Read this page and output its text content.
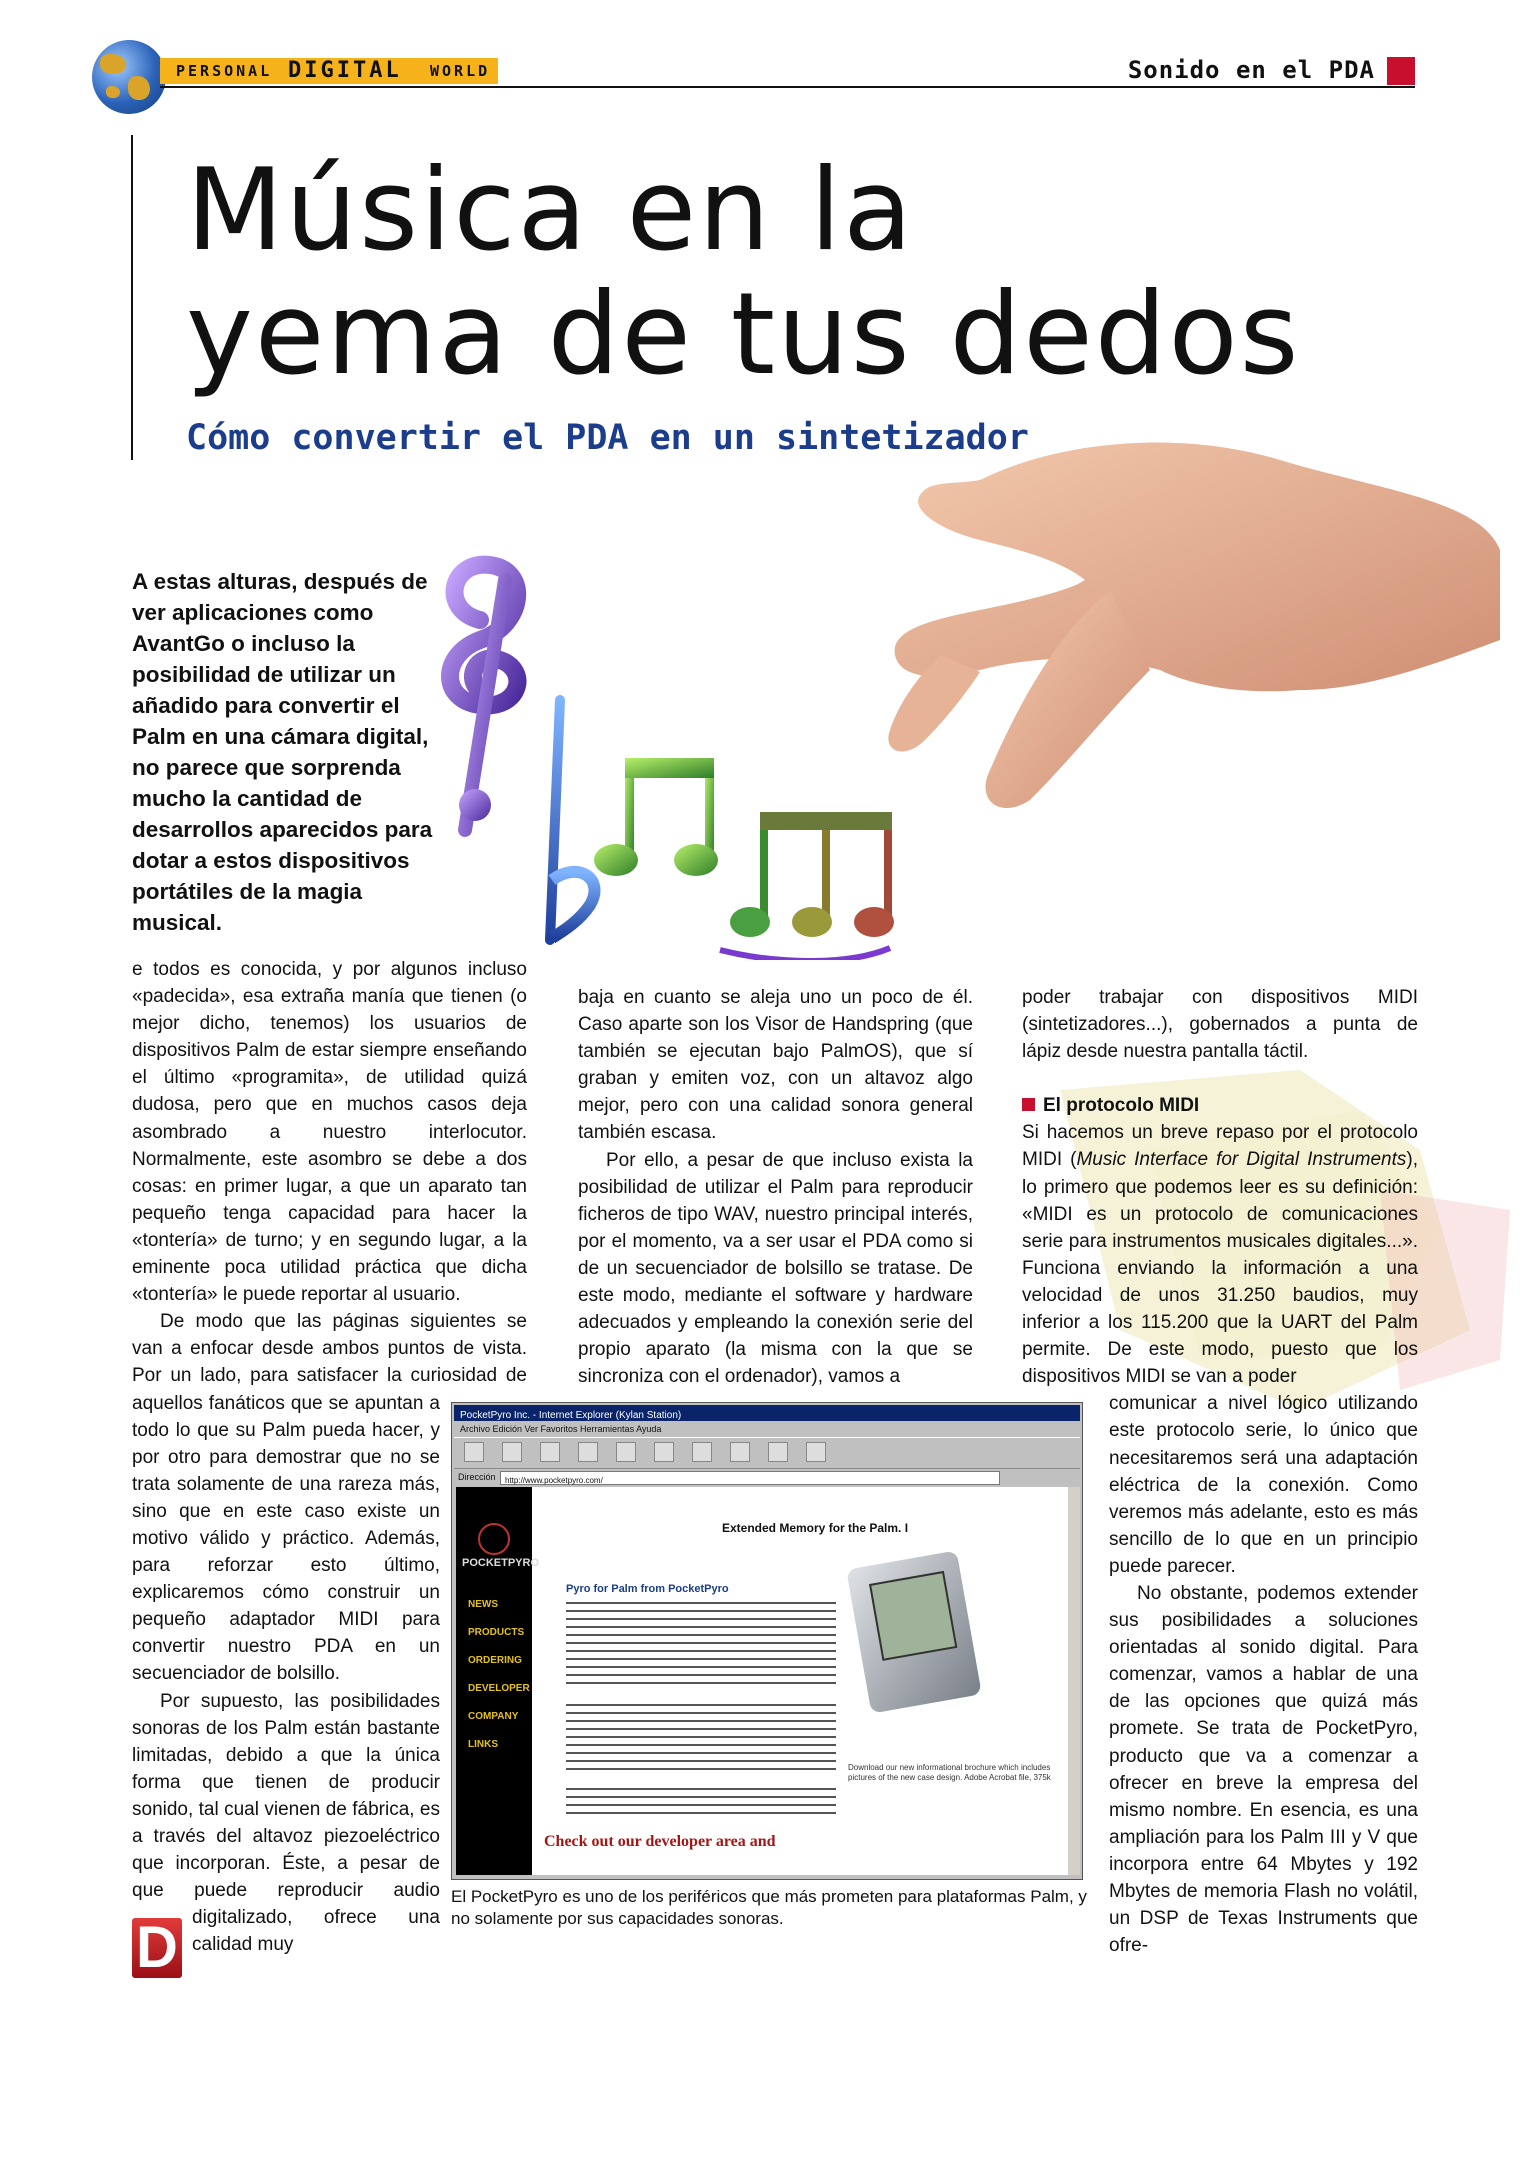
PERSONAL DIGITAL WORLD	Sonido en el PDA
Música en la
yema de tus dedos
Cómo convertir el PDA en un sintetizador
A estas alturas, después de ver aplicaciones como AvantGo o incluso la posibilidad de utilizar un añadido para convertir el Palm en una cámara digital, no parece que sorprenda mucho la cantidad de desarrollos aparecidos para dotar a estos dispositivos portátiles de la magia musical.
D

e todos es conocida, y por algunos incluso «padecida», esa extraña manía que tienen (o mejor dicho, tenemos) los usuarios de dispositivos Palm de estar siempre enseñando el último «programita», de utilidad quizá dudosa, pero que en muchos casos deja asombrado a nuestro interlocutor. Normalmente, este asombro se debe a dos cosas: en primer lugar, a que un aparato tan pequeño tenga capacidad para hacer la «tontería» de turno; y en segundo lugar, a la eminente poca utilidad práctica que dicha «tontería» le puede reportar al usuario.

De modo que las páginas siguientes se van a enfocar desde ambos puntos de vista. Por un lado, para satisfacer la curiosidad de aquellos fanáticos que se apuntan a todo lo que su Palm pueda hacer, y por otro para demostrar que no se trata solamente de una rareza más, sino que en este caso existe un motivo válido y práctico. Además, para reforzar esto último, explicaremos cómo construir un pequeño adaptador MIDI para convertir nuestro PDA en un secuenciador de bolsillo.

Por supuesto, las posibilidades sonoras de los Palm están bastante limitadas, debido a que la única forma que tienen de producir sonido, tal cual vienen de fábrica, es a través del altavoz piezoeléctrico que incorporan. Éste, a pesar de que puede reproducir audio digitalizado, ofrece una calidad muy

baja en cuanto se aleja uno un poco de él. Caso aparte son los Visor de Handspring (que también se ejecutan bajo PalmOS), que sí graban y emiten voz, con un altavoz algo mejor, pero con una calidad sonora general también escasa.

Por ello, a pesar de que incluso exista la posibilidad de utilizar el Palm para reproducir ficheros de tipo WAV, nuestro principal interés, por el momento, va a ser usar el PDA como si de un secuenciador de bolsillo se tratase. De este modo, mediante el software y hardware adecuados y empleando la conexión serie del propio aparato (la misma con la que se sincroniza con el ordenador), vamos a

poder trabajar con dispositivos MIDI (sintetizadores...), gobernados a punta de lápiz desde nuestra pantalla táctil.

El protocolo MIDI

Si hacemos un breve repaso por el protocolo MIDI (Music Interface for Digital Instruments), lo primero que podemos leer es su definición: «MIDI es un protocolo de comunicaciones serie para instrumentos musicales digitales...». Funciona enviando la información a una velocidad de unos 31.250 baudios, muy inferior a los 115.200 que la UART del Palm permite. De este modo, puesto que los dispositivos MIDI se van a poder

comunicar a nivel lógico utilizando este protocolo serie, lo único que necesitaremos será una adaptación eléctrica de la conexión. Como veremos más adelante, esto es más sencillo de lo que en un principio puede parecer.

No obstante, podemos extender sus posibilidades a soluciones orientadas al sonido digital. Para comenzar, vamos a hablar de una de las opciones que quizá más promete. Se trata de PocketPyro, producto que va a comenzar a ofrecer en breve la empresa del mismo nombre. En esencia, es una ampliación para los Palm III y V que incorpora entre 64 Mbytes y 192 Mbytes de memoria Flash no volátil, un DSP de Texas Instruments que ofre-

PocketPyro Inc. - Internet Explorer (Kylan Station)
Archivo Edición Ver Favoritos Herramientas Ayuda
Dirección	http://www.pocketpyro.com/
POCKETPYRO
NEWS
PRODUCTS
ORDERING
DEVELOPER
COMPANY
LINKS
Extended Memory for the Palm. I
Pyro for Palm from PocketPyro
Download our new informational brochure which includes pictures of the new case design. Adobe Acrobat file, 375k
Check out our developer area and
El PocketPyro es uno de los periféricos que más prometen para plataformas Palm, y no solamente por sus capacidades sonoras.
